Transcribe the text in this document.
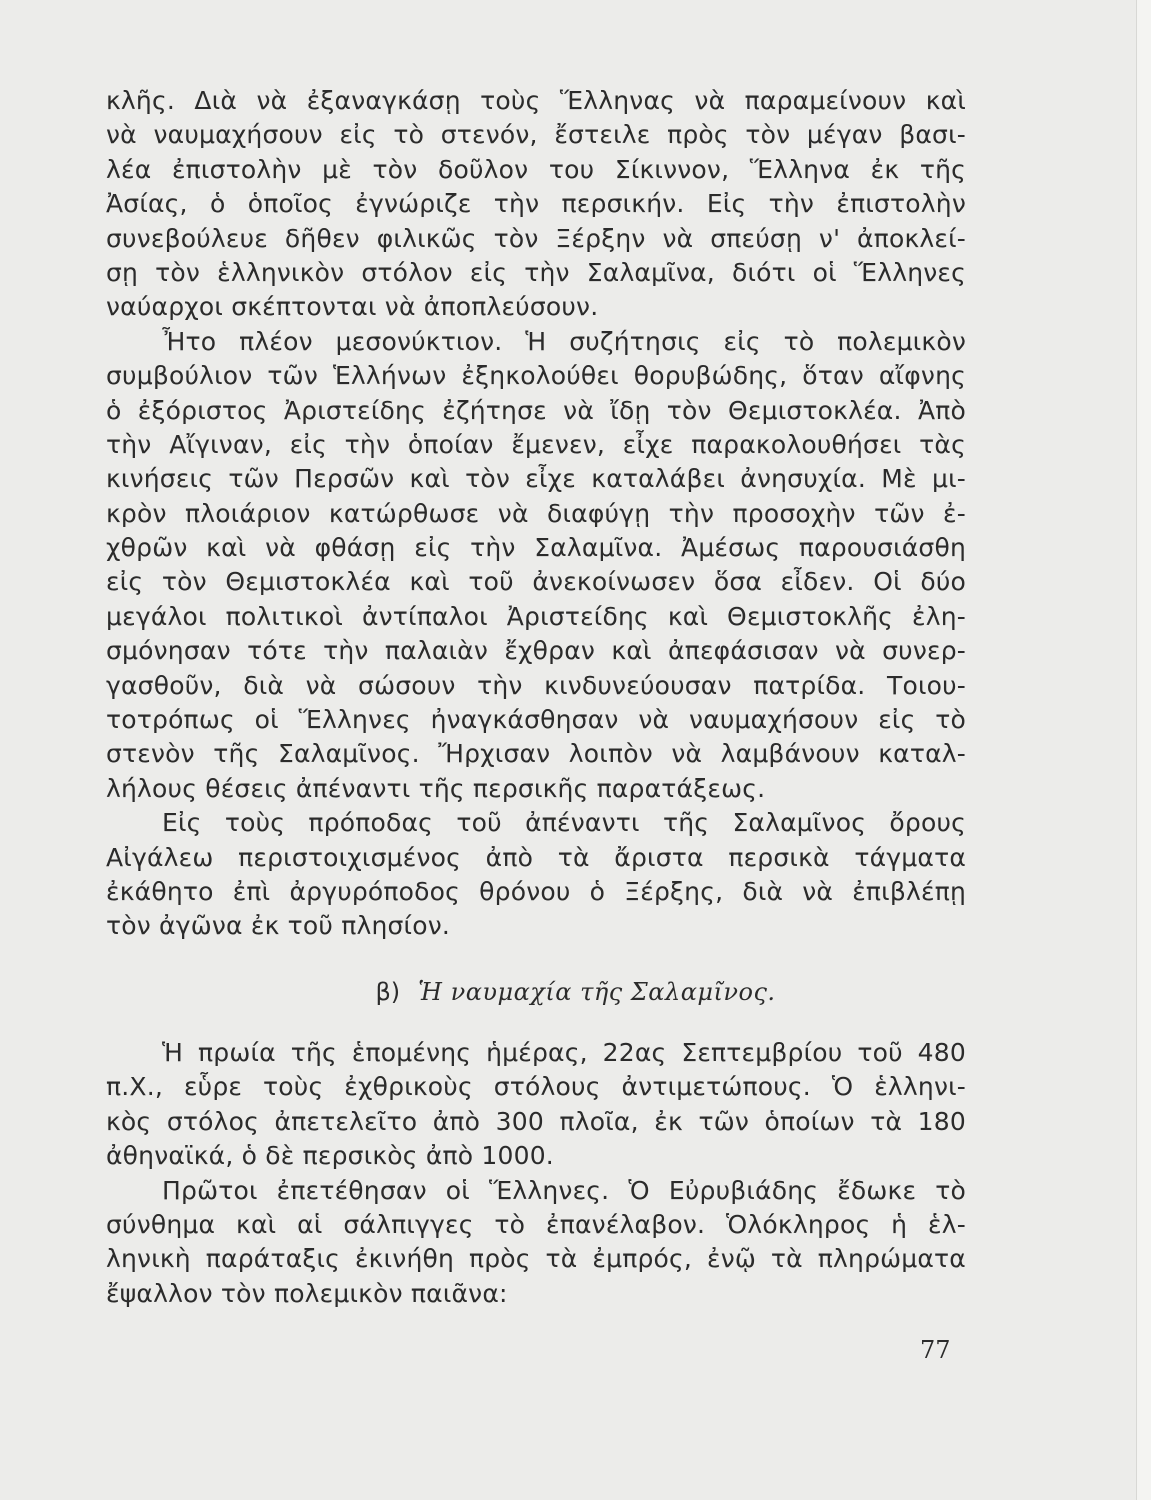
κλῆς. Διὰ νὰ ἐξαναγκάσῃ τοὺς Ἕλληνας νὰ παραμείνουν καὶ
νὰ ναυμαχήσουν εἰς τὸ στενόν, ἔστειλε πρὸς τὸν μέγαν βασι-
λέα ἐπιστολὴν μὲ τὸν δοῦλον του Σίκιννον, Ἕλληνα ἐκ τῆς
Ἀσίας, ὁ ὁποῖος ἐγνώριζε τὴν περσικήν. Εἰς τὴν ἐπιστολὴν
συνεβούλευε δῆθεν φιλικῶς τὸν Ξέρξην νὰ σπεύσῃ ν' ἀποκλεί-
σῃ τὸν ἑλληνικὸν στόλον εἰς τὴν Σαλαμῖνα, διότι οἱ Ἕλληνες
ναύαρχοι σκέπτονται νὰ ἀποπλεύσουν.
Ἦτο πλέον μεσονύκτιον. Ἡ συζήτησις εἰς τὸ πολεμικὸν
συμβούλιον τῶν Ἑλλήνων ἐξηκολούθει θορυβώδης, ὅταν αἴφνης
ὁ ἐξόριστος Ἀριστείδης ἐζήτησε νὰ ἴδῃ τὸν Θεμιστοκλέα. Ἀπὸ
τὴν Αἴγιναν, εἰς τὴν ὁποίαν ἔμενεν, εἶχε παρακολουθήσει τὰς
κινήσεις τῶν Περσῶν καὶ τὸν εἶχε καταλάβει ἀνησυχία. Μὲ μι-
κρὸν πλοιάριον κατώρθωσε νὰ διαφύγῃ τὴν προσοχὴν τῶν ἐ-
χθρῶν καὶ νὰ φθάσῃ εἰς τὴν Σαλαμῖνα. Ἀμέσως παρουσιάσθη
εἰς τὸν Θεμιστοκλέα καὶ τοῦ ἀνεκοίνωσεν ὅσα εἶδεν. Οἱ δύο
μεγάλοι πολιτικοὶ ἀντίπαλοι Ἀριστείδης καὶ Θεμιστοκλῆς ἐλη-
σμόνησαν τότε τὴν παλαιὰν ἔχθραν καὶ ἀπεφάσισαν νὰ συνερ-
γασθοῦν, διὰ νὰ σώσουν τὴν κινδυνεύουσαν πατρίδα. Τοιου-
τοτρόπως οἱ Ἕλληνες ἠναγκάσθησαν νὰ ναυμαχήσουν εἰς τὸ
στενὸν τῆς Σαλαμῖνος. Ἤρχισαν λοιπὸν νὰ λαμβάνουν καταλ-
λήλους θέσεις ἀπέναντι τῆς περσικῆς παρατάξεως.
Εἰς τοὺς πρόποδας τοῦ ἀπέναντι τῆς Σαλαμῖνος ὄρους
Αἰγάλεω περιστοιχισμένος ἀπὸ τὰ ἄριστα περσικὰ τάγματα
ἐκάθητο ἐπὶ ἀργυρόποδος θρόνου ὁ Ξέρξης, διὰ νὰ ἐπιβλέπῃ
τὸν ἀγῶνα ἐκ τοῦ πλησίον.
β) Ἡ ναυμαχία τῆς Σαλαμῖνος.
Ἡ πρωία τῆς ἑπομένης ἡμέρας, 22ας Σεπτεμβρίου τοῦ 480
π.Χ., εὗρε τοὺς ἐχθρικοὺς στόλους ἀντιμετώπους. Ὁ ἑλληνι-
κὸς στόλος ἀπετελεῖτο ἀπὸ 300 πλοῖα, ἐκ τῶν ὁποίων τὰ 180
ἀθηναϊκά, ὁ δὲ περσικὸς ἀπὸ 1000.
Πρῶτοι ἐπετέθησαν οἱ Ἕλληνες. Ὁ Εὐρυβιάδης ἔδωκε τὸ
σύνθημα καὶ αἱ σάλπιγγες τὸ ἐπανέλαβον. Ὁλόκληρος ἡ ἑλ-
ληνικὴ παράταξις ἐκινήθη πρὸς τὰ ἐμπρός, ἐνῷ τὰ πληρώματα
ἔψαλλον τὸν πολεμικὸν παιᾶνα:
77
